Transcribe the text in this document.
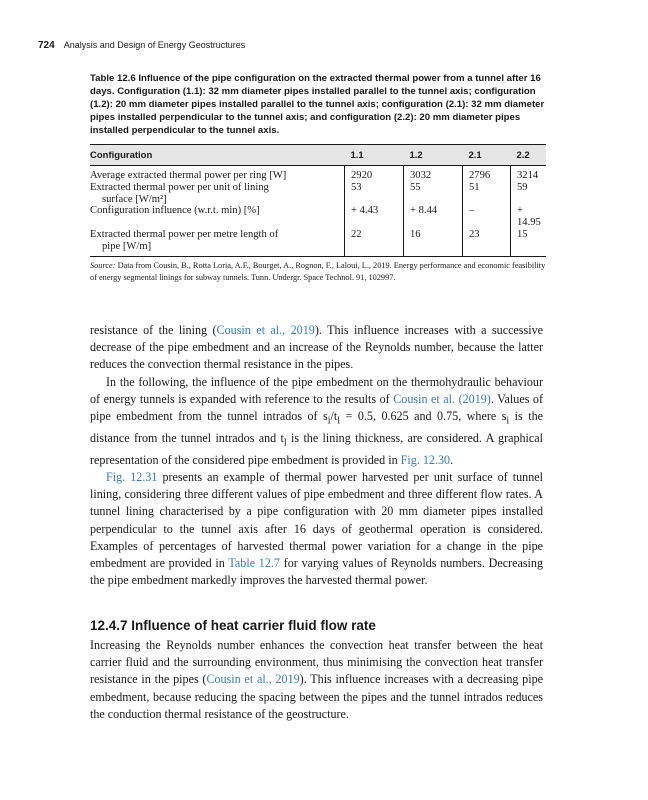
724 Analysis and Design of Energy Geostructures
Table 12.6 Influence of the pipe configuration on the extracted thermal power from a tunnel after 16 days. Configuration (1.1): 32 mm diameter pipes installed parallel to the tunnel axis; configuration (1.2): 20 mm diameter pipes installed parallel to the tunnel axis; configuration (2.1): 32 mm diameter pipes installed perpendicular to the tunnel axis; and configuration (2.2): 20 mm diameter pipes installed perpendicular to the tunnel axis.
Configuration	1.1	1.2	2.1	2.2

Average extracted thermal power per ring [W]	2920	3032	2796	3214

Extracted thermal power per unit of lining
surface [W/m²]	53	55	51	59

Configuration influence (w.r.t. min) [%]	+ 4.43	+ 8.44	–	+ 14.95

Extracted thermal power per metre length of
pipe [W/m]	22	16	23	15
Source: Data from Cousin, B., Rotta Loria, A.F., Bourget, A., Rognon, F., Laloui, L., 2019. Energy performance and economic feasibility of energy segmental linings for subway tunnels. Tunn. Undergr. Space Technol. 91, 102997.

resistance of the lining (Cousin et al., 2019). This influence increases with a successive decrease of the pipe embedment and an increase of the Reynolds number, because the latter reduces the convection thermal resistance in the pipes.

In the following, the influence of the pipe embedment on the thermohydraulic behaviour of energy tunnels is expanded with reference to the results of Cousin et al. (2019). Values of pipe embedment from the tunnel intrados of $s_i/t_l = 0.5$, 0.625 and 0.75, where $s_i$ is the distance from the tunnel intrados and $t_l$ is the lining thickness, are considered. A graphical representation of the considered pipe embedment is provided in Fig. 12.30.

Fig. 12.31 presents an example of thermal power harvested per unit surface of tunnel lining, considering three different values of pipe embedment and three different flow rates. A tunnel lining characterised by a pipe configuration with 20 mm diameter pipes installed perpendicular to the tunnel axis after 16 days of geothermal operation is considered. Examples of percentages of harvested thermal power variation for a change in the pipe embedment are provided in Table 12.7 for varying values of Reynolds numbers. Decreasing the pipe embedment markedly improves the harvested thermal power.

12.4.7 Influence of heat carrier fluid flow rate

Increasing the Reynolds number enhances the convection heat transfer between the heat carrier fluid and the surrounding environment, thus minimising the convection heat transfer resistance in the pipes (Cousin et al., 2019). This influence increases with a decreasing pipe embedment, because reducing the spacing between the pipes and the tunnel intrados reduces the conduction thermal resistance of the geostructure.
